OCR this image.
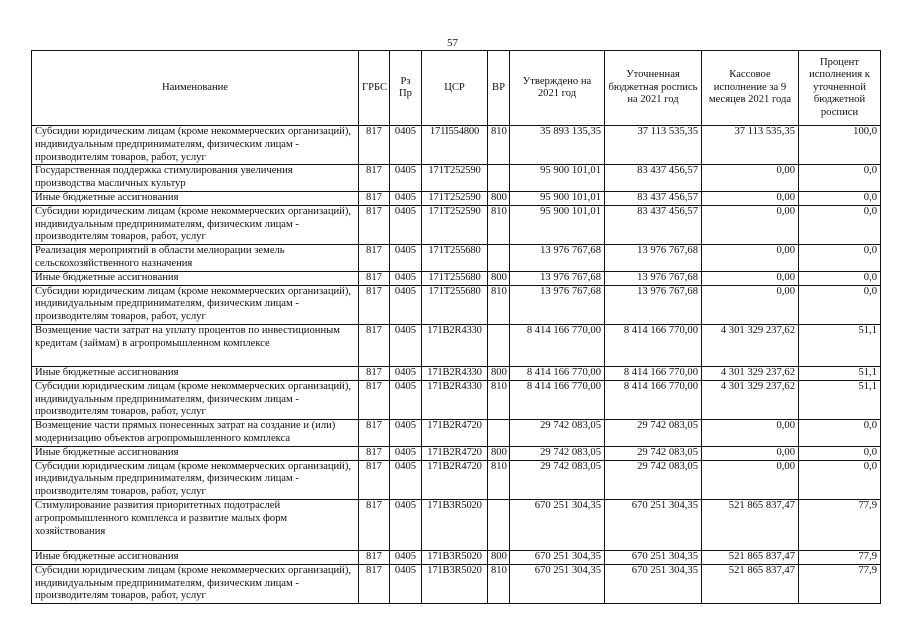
57
Наименование	ГРБС	Рз Пр	ЦСР	ВР	Утверждено на 2021 год	Уточненная бюджетная роспись на 2021 год	Кассовое исполнение за 9 месяцев 2021 года	Процент исполнения к уточненной бюджетной росписи
Субсидии юридическим лицам (кроме некоммерческих организаций), индивидуальным предпринимателям, физическим лицам - производителям товаров, работ, услуг	817	0405	171I554800	810	35 893 135,35	37 113 535,35	37 113 535,35	100,0
Государственная поддержка стимулирования увеличения производства масличных культур	817	0405	171T252590		95 900 101,01	83 437 456,57	0,00	0,0
Иные бюджетные ассигнования	817	0405	171T252590	800	95 900 101,01	83 437 456,57	0,00	0,0
Субсидии юридическим лицам (кроме некоммерческих организаций), индивидуальным предпринимателям, физическим лицам - производителям товаров, работ, услуг	817	0405	171T252590	810	95 900 101,01	83 437 456,57	0,00	0,0
Реализация мероприятий в области мелиорации земель сельскохозяйственного назначения	817	0405	171T255680		13 976 767,68	13 976 767,68	0,00	0,0
Иные бюджетные ассигнования	817	0405	171T255680	800	13 976 767,68	13 976 767,68	0,00	0,0
Субсидии юридическим лицам (кроме некоммерческих организаций), индивидуальным предпринимателям, физическим лицам - производителям товаров, работ, услуг	817	0405	171T255680	810	13 976 767,68	13 976 767,68	0,00	0,0
Возмещение части затрат на уплату процентов по инвестиционным кредитам (займам) в агропромышленном комплексе	817	0405	171B2R4330		8 414 166 770,00	8 414 166 770,00	4 301 329 237,62	51,1
Иные бюджетные ассигнования	817	0405	171B2R4330	800	8 414 166 770,00	8 414 166 770,00	4 301 329 237,62	51,1
Субсидии юридическим лицам (кроме некоммерческих организаций), индивидуальным предпринимателям, физическим лицам - производителям товаров, работ, услуг	817	0405	171B2R4330	810	8 414 166 770,00	8 414 166 770,00	4 301 329 237,62	51,1
Возмещение части прямых понесенных затрат на создание и (или) модернизацию объектов агропромышленного комплекса	817	0405	171B2R4720		29 742 083,05	29 742 083,05	0,00	0,0
Иные бюджетные ассигнования	817	0405	171B2R4720	800	29 742 083,05	29 742 083,05	0,00	0,0
Субсидии юридическим лицам (кроме некоммерческих организаций), индивидуальным предпринимателям, физическим лицам - производителям товаров, работ, услуг	817	0405	171B2R4720	810	29 742 083,05	29 742 083,05	0,00	0,0
Стимулирование развития приоритетных подотраслей агропромышленного комплекса и развитие малых форм хозяйствования	817	0405	171B3R5020		670 251 304,35	670 251 304,35	521 865 837,47	77,9
Иные бюджетные ассигнования	817	0405	171B3R5020	800	670 251 304,35	670 251 304,35	521 865 837,47	77,9
Субсидии юридическим лицам (кроме некоммерческих организаций), индивидуальным предпринимателям, физическим лицам - производителям товаров, работ, услуг	817	0405	171B3R5020	810	670 251 304,35	670 251 304,35	521 865 837,47	77,9
